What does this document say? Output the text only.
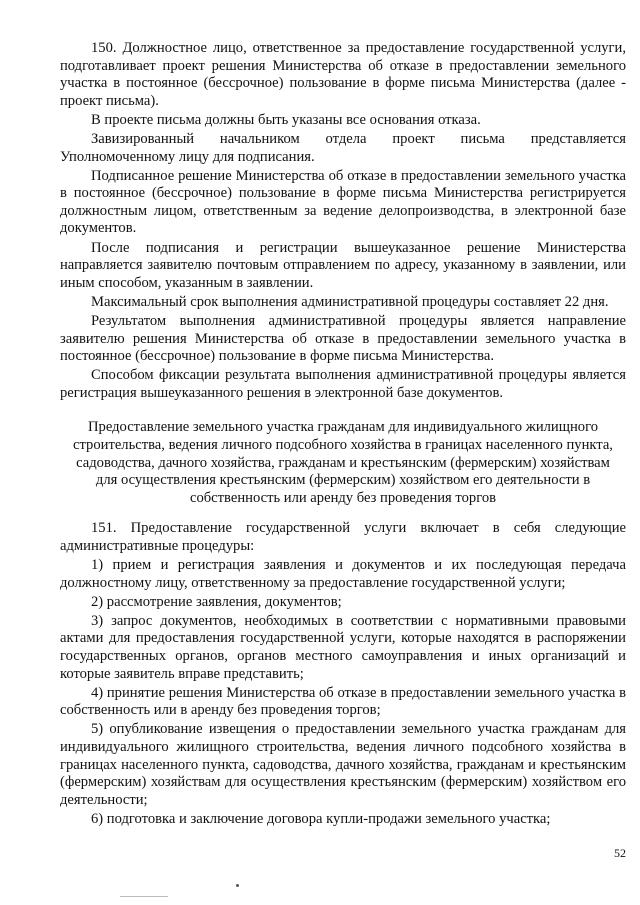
150. Должностное лицо, ответственное за предоставление государственной услуги, подготавливает проект решения Министерства об отказе в предоставлении земельного участка в постоянное (бессрочное) пользование в форме письма Министерства (далее - проект письма).

В проекте письма должны быть указаны все основания отказа.

Завизированный начальником отдела проект письма представляется Уполномоченному лицу для подписания.

Подписанное решение Министерства об отказе в предоставлении земельного участка в постоянное (бессрочное) пользование в форме письма Министерства регистрируется должностным лицом, ответственным за ведение делопроизводства, в электронной базе документов.

После подписания и регистрации вышеуказанное решение Министерства направляется заявителю почтовым отправлением по адресу, указанному в заявлении, или иным способом, указанным в заявлении.

Максимальный срок выполнения административной процедуры составляет 22 дня.

Результатом выполнения административной процедуры является направление заявителю решения Министерства об отказе в предоставлении земельного участка в постоянное (бессрочное) пользование в форме письма Министерства.

Способом фиксации результата выполнения административной процедуры является регистрация вышеуказанного решения в электронной базе документов.

Предоставление земельного участка гражданам для индивидуального жилищного строительства, ведения личного подсобного хозяйства в границах населенного пункта, садоводства, дачного хозяйства, гражданам и крестьянским (фермерским) хозяйствам для осуществления крестьянским (фермерским) хозяйством его деятельности в собственность или аренду без проведения торгов

151. Предоставление государственной услуги включает в себя следующие административные процедуры:

1) прием и регистрация заявления и документов и их последующая передача должностному лицу, ответственному за предоставление государственной услуги;

2) рассмотрение заявления, документов;

3) запрос документов, необходимых в соответствии с нормативными правовыми актами для предоставления государственной услуги, которые находятся в распоряжении государственных органов, органов местного самоуправления и иных организаций и которые заявитель вправе представить;

4) принятие решения Министерства об отказе в предоставлении земельного участка в собственность или в аренду без проведения торгов;

5) опубликование извещения о предоставлении земельного участка гражданам для индивидуального жилищного строительства, ведения личного подсобного хозяйства в границах населенного пункта, садоводства, дачного хозяйства, гражданам и крестьянским (фермерским) хозяйствам для осуществления крестьянским (фермерским) хозяйством его деятельности;

6) подготовка и заключение договора купли-продажи земельного участка;

52
